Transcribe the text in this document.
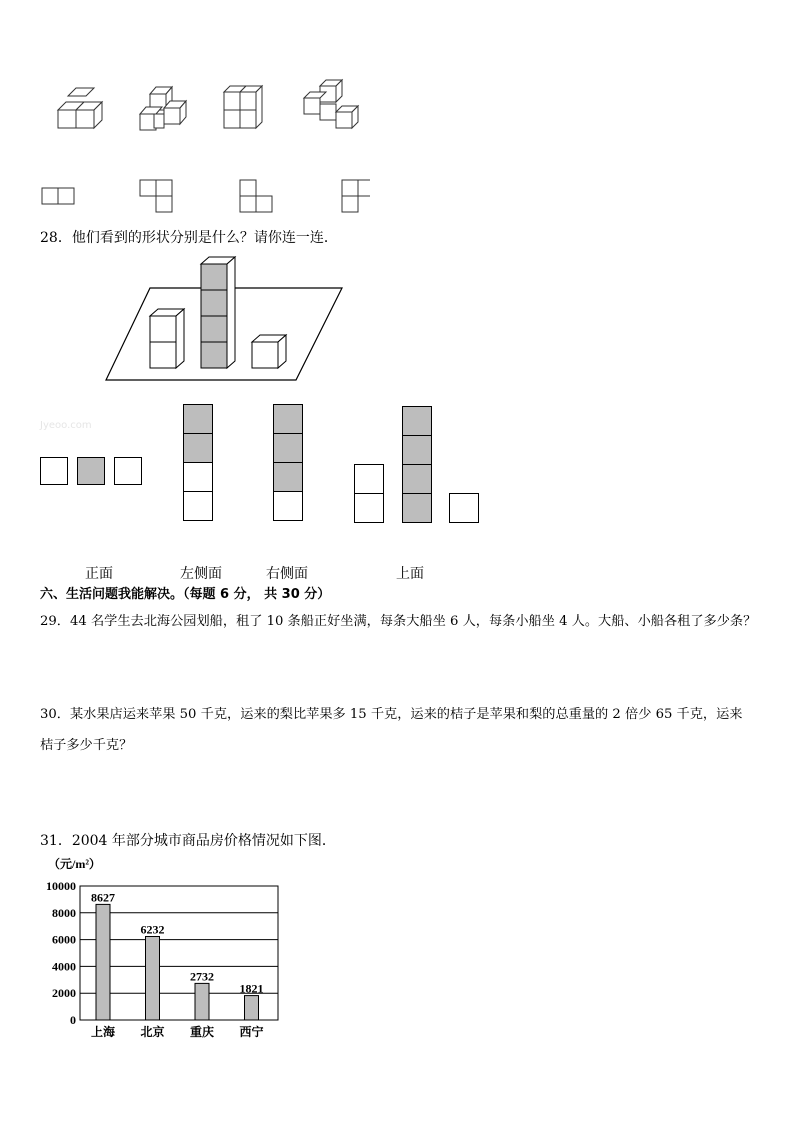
28．他们看到的形状分别是什么？请你连一连．
Jyeoo.com
正面	左侧面	右侧面	上面
六、生活问题我能解决。（每题 6 分， 共 30 分）
29．44 名学生去北海公园划船，租了 10 条船正好坐满，每条大船坐 6 人，每条小船坐 4 人。大船、小船各租了多少条？
30．某水果店运来苹果 50 千克，运来的梨比苹果多 15 千克，运来的桔子是苹果和梨的总重量的 2 倍少 65 千克，运来
桔子多少千克？
31．2004 年部分城市商品房价格情况如下图．
（元/m²）
0
2000
4000
6000
8000
10000
8627
上海
6232
北京
2732
重庆
1821
西宁
